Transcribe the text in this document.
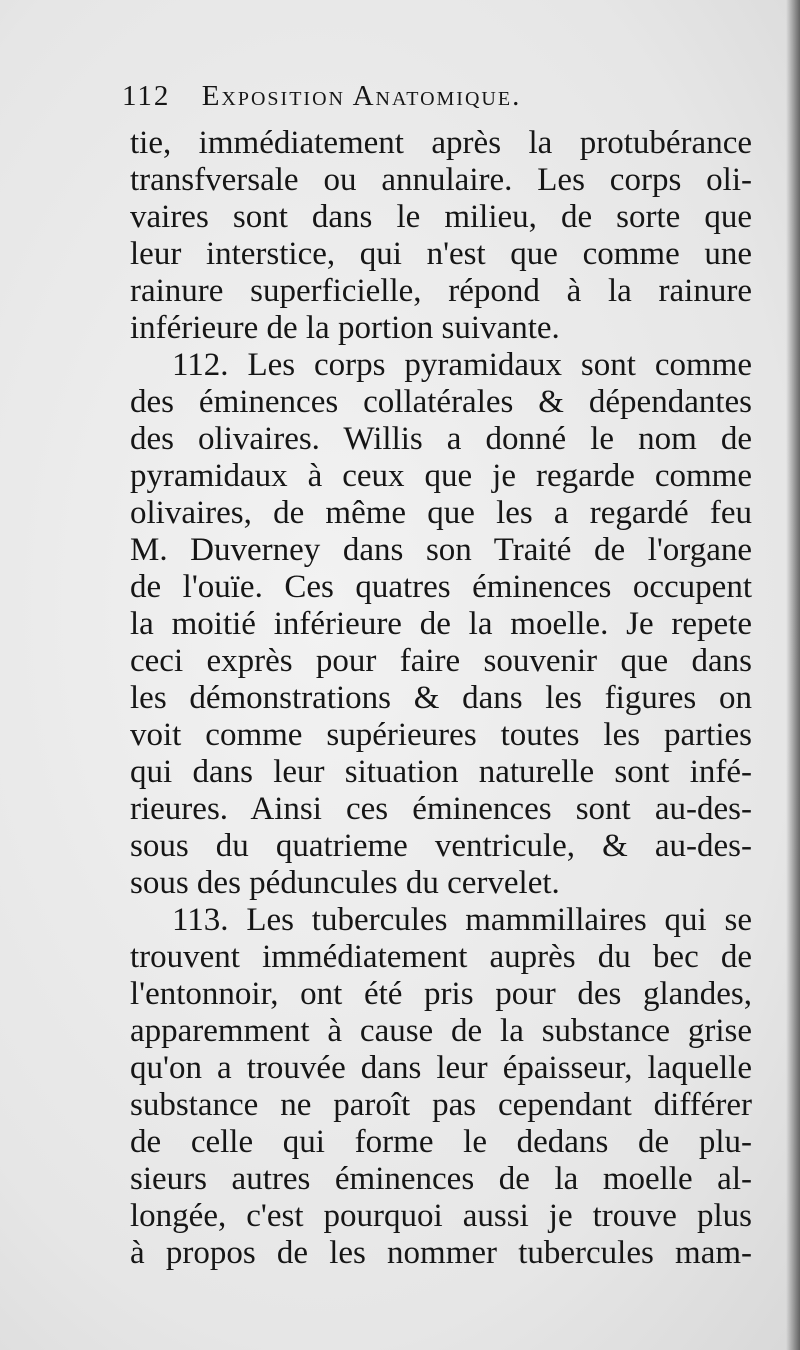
112 Exposition Anatomique.
tie, immédiatement après la protubérance
transfversale ou annulaire. Les corps oli-
vaires sont dans le milieu, de sorte que
leur interstice, qui n'est que comme une
rainure superficielle, répond à la rainure
inférieure de la portion suivante.
112. Les corps pyramidaux sont comme
des éminences collatérales & dépendantes
des olivaires. Willis a donné le nom de
pyramidaux à ceux que je regarde comme
olivaires, de même que les a regardé feu
M. Duverney dans son Traité de l'organe
de l'ouïe. Ces quatres éminences occupent
la moitié inférieure de la moelle. Je repete
ceci exprès pour faire souvenir que dans
les démonstrations & dans les figures on
voit comme supérieures toutes les parties
qui dans leur situation naturelle sont infé-
rieures. Ainsi ces éminences sont au-des-
sous du quatrieme ventricule, & au-des-
sous des péduncules du cervelet.
113. Les tubercules mammillaires qui se
trouvent immédiatement auprès du bec de
l'entonnoir, ont été pris pour des glandes,
apparemment à cause de la substance grise
qu'on a trouvée dans leur épaisseur, laquelle
substance ne paroît pas cependant différer
de celle qui forme le dedans de plu-
sieurs autres éminences de la moelle al-
longée, c'est pourquoi aussi je trouve plus
à propos de les nommer tubercules mam-
